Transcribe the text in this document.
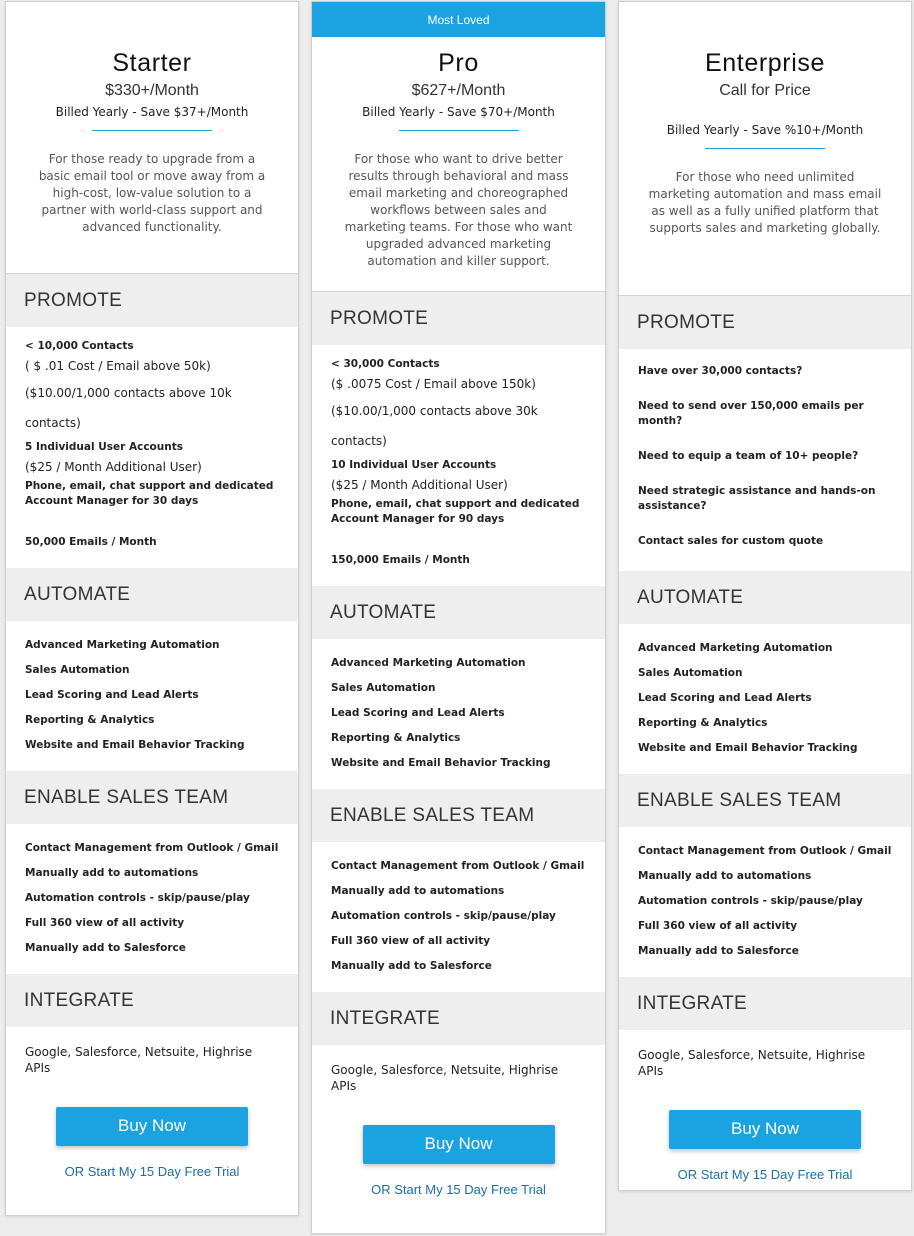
Starter
$330+/Month
Billed Yearly - Save $37+/Month
For those ready to upgrade from a basic email tool or move away from a high-cost, low-value solution to a partner with world-class support and advanced functionality.
PROMOTE
< 10,000 Contacts
( $ .01 Cost / Email above 50k)
($10.00/1,000 contacts above 10k contacts)
5 Individual User Accounts
($25 / Month Additional User)
Phone, email, chat support and dedicated Account Manager for 30 days
50,000 Emails / Month
AUTOMATE
Advanced Marketing Automation
Sales Automation
Lead Scoring and Lead Alerts
Reporting & Analytics
Website and Email Behavior Tracking
ENABLE SALES TEAM
Contact Management from Outlook / Gmail
Manually add to automations
Automation controls - skip/pause/play
Full 360 view of all activity
Manually add to Salesforce
INTEGRATE
Google, Salesforce, Netsuite, Highrise APIs
Buy Now
OR Start My 15 Day Free Trial
Most Loved
Pro
$627+/Month
Billed Yearly - Save $70+/Month
For those who want to drive better results through behavioral and mass email marketing and choreographed workflows between sales and marketing teams. For those who want upgraded advanced marketing automation and killer support.
PROMOTE
< 30,000 Contacts
($ .0075 Cost / Email above 150k)
($10.00/1,000 contacts above 30k contacts)
10 Individual User Accounts
($25 / Month Additional User)
Phone, email, chat support and dedicated Account Manager for 90 days
150,000 Emails / Month
AUTOMATE
Advanced Marketing Automation
Sales Automation
Lead Scoring and Lead Alerts
Reporting & Analytics
Website and Email Behavior Tracking
ENABLE SALES TEAM
Contact Management from Outlook / Gmail
Manually add to automations
Automation controls - skip/pause/play
Full 360 view of all activity
Manually add to Salesforce
INTEGRATE
Google, Salesforce, Netsuite, Highrise APIs
Buy Now
OR Start My 15 Day Free Trial
Enterprise
Call for Price
Billed Yearly - Save %10+/Month
For those who need unlimited marketing automation and mass email as well as a fully unified platform that supports sales and marketing globally.
PROMOTE
Have over 30,000 contacts?
Need to send over 150,000 emails per month?
Need to equip a team of 10+ people?
Need strategic assistance and hands-on assistance?
Contact sales for custom quote
AUTOMATE
Advanced Marketing Automation
Sales Automation
Lead Scoring and Lead Alerts
Reporting & Analytics
Website and Email Behavior Tracking
ENABLE SALES TEAM
Contact Management from Outlook / Gmail
Manually add to automations
Automation controls - skip/pause/play
Full 360 view of all activity
Manually add to Salesforce
INTEGRATE
Google, Salesforce, Netsuite, Highrise APIs
Buy Now
OR Start My 15 Day Free Trial
